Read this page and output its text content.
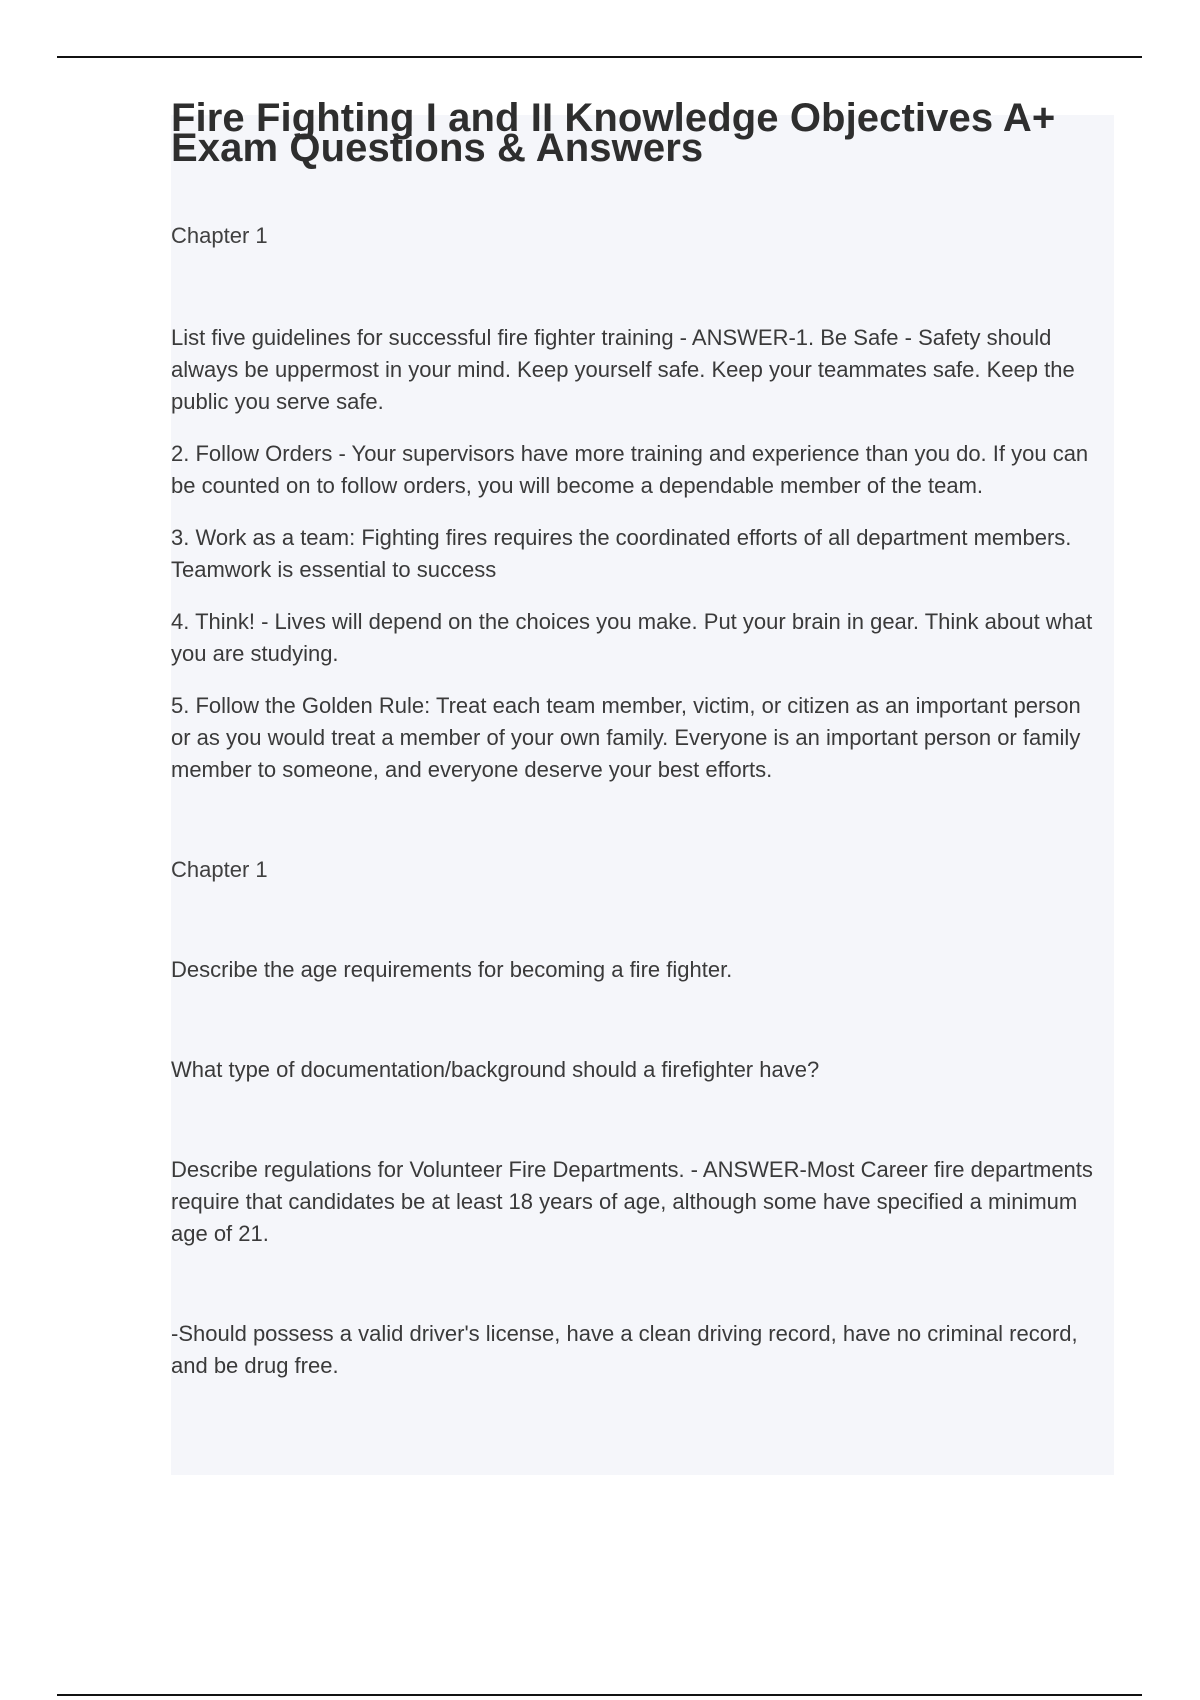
Fire Fighting I and II Knowledge Objectives A+ Exam Questions & Answers
Chapter 1

List five guidelines for successful fire fighter training - ANSWER-1. Be Safe - Safety should always be uppermost in your mind. Keep yourself safe. Keep your teammates safe. Keep the public you serve safe.

2. Follow Orders - Your supervisors have more training and experience than you do. If you can be counted on to follow orders, you will become a dependable member of the team.

3. Work as a team: Fighting fires requires the coordinated efforts of all department members. Teamwork is essential to success

4. Think! - Lives will depend on the choices you make. Put your brain in gear. Think about what you are studying.

5. Follow the Golden Rule: Treat each team member, victim, or citizen as an important person or as you would treat a member of your own family. Everyone is an important person or family member to someone, and everyone deserve your best efforts.

Chapter 1

Describe the age requirements for becoming a fire fighter.

What type of documentation/background should a firefighter have?

Describe regulations for Volunteer Fire Departments. - ANSWER-Most Career fire departments require that candidates be at least 18 years of age, although some have specified a minimum age of 21.

-Should possess a valid driver's license, have a clean driving record, have no criminal record, and be drug free.
